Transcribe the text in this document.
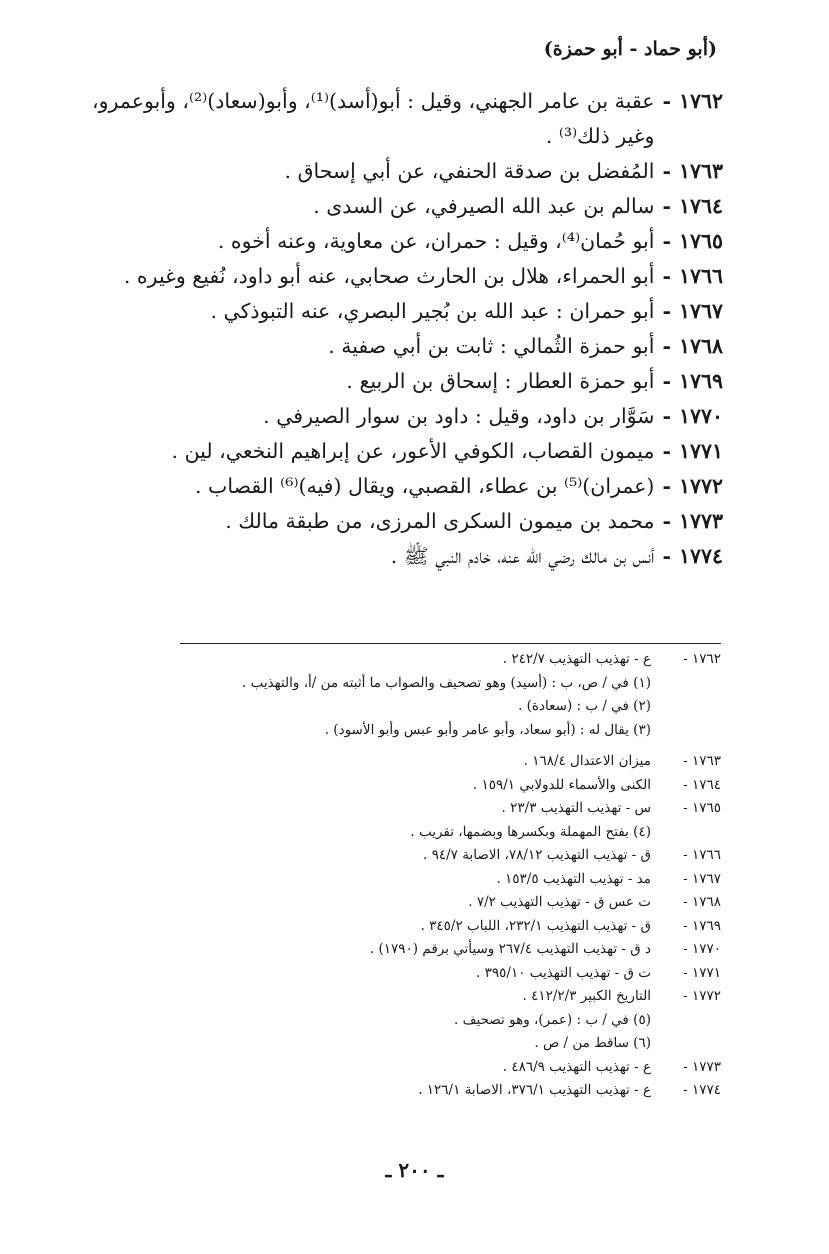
(أبو حماد - أبو حمزة)
١٧٦٢
-
عقبة بن عامر الجهني، وقيل : أبو(أسد)⁽¹⁾، وأبو(سعاد)⁽²⁾، وأبوعمرو، وغير ذلك⁽³⁾ .
١٧٦٣
-
المُفضل بن صدقة الحنفي، عن أبي إسحاق .
١٧٦٤
-
سالم بن عبد الله الصيرفي، عن السدى .
١٧٦٥
-
أبو حُمان⁽⁴⁾، وقيل : حمران، عن معاوية، وعنه أخوه .
١٧٦٦
-
أبو الحمراء، هلال بن الحارث صحابي، عنه أبو داود، نُفيع وغيره .
١٧٦٧
-
أبو حمران : عبد الله بن بُجير البصري، عنه التبوذكي .
١٧٦٨
-
أبو حمزة الثُمالي : ثابت بن أبي صفية .
١٧٦٩
-
أبو حمزة العطار : إسحاق بن الربيع .
١٧٧٠
-
سَوَّار بن داود، وقيل : داود بن سوار الصيرفي .
١٧٧١
-
ميمون القصاب، الكوفي الأعور، عن إبراهيم النخعي، لين .
١٧٧٢
-
(عمران)⁽⁵⁾ بن عطاء، القصبي، ويقال (فيه)⁽⁶⁾ القصاب .
١٧٧٣
-
محمد بن ميمون السكرى المرزى، من طبقة مالك .
١٧٧٤
-
أنس بن مالك رضي الله عنه، خادم النبي ﷺ .
١٧٦٢ -
ع - تهذيب التهذيب ٢٤٢/٧ .
(١) في / ص، ب : (أسيد) وهو تصحيف والصواب ما أثبته من /أ، والتهذيب .
(٢) في / ب : (سعادة) .
(٣) يقال له : (أبو سعاد، وأبو عامر وأبو عبس وأبو الأسود) .
١٧٦٣ -
ميزان الاعتدال ١٦٨/٤ .
١٧٦٤ -
الكنى والأسماء للدولابي ١٥٩/١ .
١٧٦٥ -
س - تهذيب التهذيب ٢٣/٣ .
(٤) بفتح المهملة وبكسرها وبضمها، تقريب .
١٧٦٦ -
ق - تهذيب التهذيب ٧٨/١٢، الاصابة ٩٤/٧ .
١٧٦٧ -
مد - تهذيب التهذيب ١٥٣/٥ .
١٧٦٨ -
ت عس ق - تهذيب التهذيب ٧/٢ .
١٧٦٩ -
ق - تهذيب التهذيب ٢٣٢/١، اللباب ٣٤٥/٢ .
١٧٧٠ -
د ق - تهذيب التهذيب ٢٦٧/٤ وسيأتي برقم (١٧٩٠) .
١٧٧١ -
ت ق - تهذيب التهذيب ٣٩٥/١٠ .
١٧٧٢ -
التاريخ الكبير ٤١٢/٢/٣ .
(٥) في / ب : (عمر)، وهو تصحيف .
(٦) ساقط من / ص .
١٧٧٣ -
ع - تهذيب التهذيب ٤٨٦/٩ .
١٧٧٤ -
ع - تهذيب التهذيب ٣٧٦/١، الاصابة ١٢٦/١ .
ـ ٢٠٠ ـ
